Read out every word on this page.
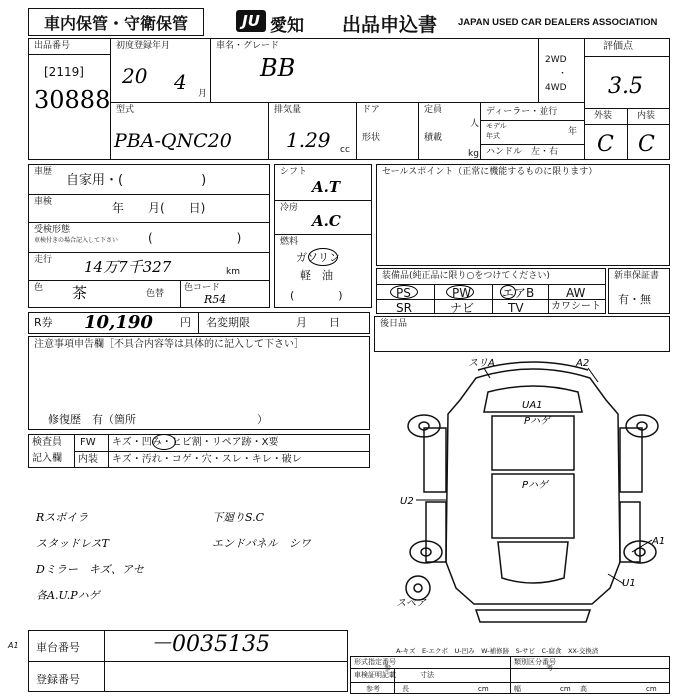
車内保管・守衛保管	JU 愛知 出品申込書 JAPAN USED CAR DEALERS ASSOCIATION
出品番号
[2119]
30888
初度登録年月
20 4 月
車名・グレード
BB	2WD
・
4WD
評価点
3.5
外装	内装
C C
型式
PBA-QNC20
排気量
1.29 cc
ドア
形状
定員
人
積載
kg
ディーラー・並行
モデル
年式	年
ハンドル　左・右
車歴
自家用・(　　　　　　)
車検	年　　月(　　日)
受検形態
車検付きの場合記入して下さい (　　　　　　　)
走行 14万7千327	km
色 茶	色替
色コード
R54
シフト
A.T
冷房
A.C
燃料
ガソリン
軽　油
(　　　　)
セールスポイント（正常に機能するものに限ります）
装備品(純正品に限り○をつけてください)
PS	PW	エアB	AW
SR	ナビ	TV	カワシート
新車保証書
有・無
R券 10,190 円 名変期限	月　　日	後日品
注意事項申告欄［不具合内容等は具体的に記入して下さい］
修復歴　有（箇所　　　　　　　　　　　）
検査員
記入欄
FW キズ・凹み・ヒビ割・リペア跡・X要
内装 キズ・汚れ・コゲ・穴・スレ・キレ・破レ
Rスポイラ
スタッドレスT
Dミラー　キズ、アセ
各A.U.Pハゲ
下廻りS.C
エンドパネル　シワ
スリA	A2
UA1
Pハゲ
Pハゲ
U2
A1
U1
スペア
A-キズ　E-エクボ　U-凹み　W-補修跡　S-サビ　C-腐食　XX-交換済
A1 車台番号	－0035135
登録番号
形式指定番号	類別区分番号
参	考
車検証明記載	寸法
参考	長	cm	幅	cm 高	cm
